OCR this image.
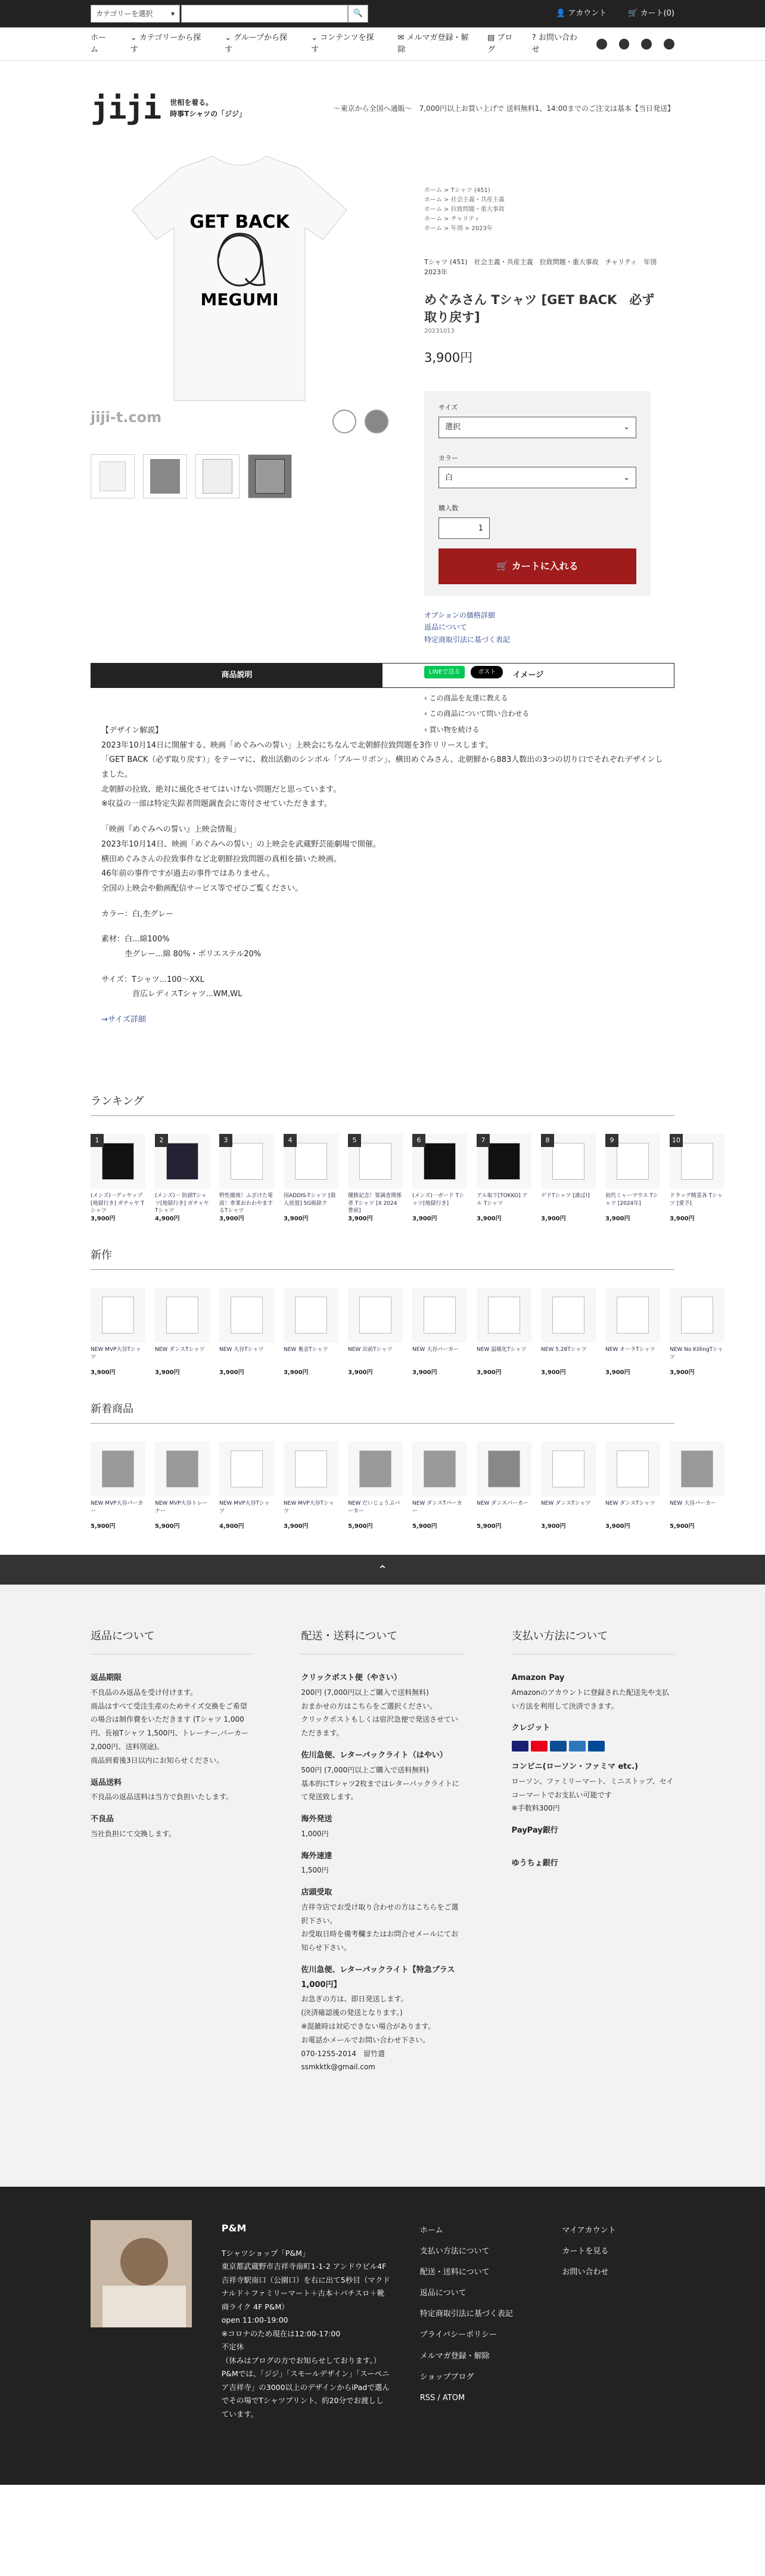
カテゴリーを選択	▾	🔍	👤 アカウント	🛒 カート(0)
ホーム
⌄ カテゴリーから探す
⌄ グループから探す
⌄ コンテンツを探す
✉ メルマガ登録・解除
▤ ブログ
? お問い合わせ
jiji 世相を着る。
時事Tシャツの「ジジ」
～東京から全国へ通販～　7,000円以上お買い上げで 送料無料1、14:00までのご注文は基本【当日発送】
GET BACK
MEGUMI
jiji-t.com
ホーム > Tシャツ (451)
ホーム > 社会主義・共産主義
ホーム > 拉致問題・重大事故
ホーム > チャリティ
ホーム > 年別 > 2023年
Tシャツ (451)　社会主義・共産主義　拉致問題・重大事故　チャリティ　年別　2023年
めぐみさん Tシャツ [GET BACK　必ず取り戻す]
20231013
3,900円
サイズ
選択	⌄
カラー
白	⌄
購入数
1
🛒 カートに入れる
オプションの価格詳細
返品について
特定商取引法に基づく表記
LINEで送る	ポスト
‹ この商品を友達に教える
‹ この商品について問い合わせる
‹ 買い物を続ける
商品説明	イメージ

【デザイン解説】
2023年10月14日に開催する、映画「めぐみへの誓い」上映会にちなんで北朝鮮拉致問題を3作リリースします。
「GET BACK（必ず取り戻す）」をテーマに、救出活動のシンボル「ブルーリボン」、横田めぐみさん、北朝鮮から883人数出の3つの切り口でそれぞれデザインしました。
北朝鮮の拉致、絶対に風化させてはいけない問題だと思っています。
※収益の一部は特定失踪者問題調査会に寄付させていただきます。

「映画『めぐみへの誓い』上映会情報」
2023年10月14日、映画「めぐみへの誓い」の上映会を武蔵野芸能劇場で開催。
横田めぐみさんの拉致事件など北朝鮮拉致問題の真相を描いた映画。
46年前の事件ですが過去の事件ではありません。
全国の上映会や動画配信サービス等でぜひご覧ください。

カラー：白,杢グレー

素材：白...綿100%
　　　杢グレー...綿 80%・ポリエステル20%

サイズ：Tシャツ...100〜XXL
　　　　首広レディスTシャツ...WM,WL

→サイズ詳細

ランキング
1
(メンズ)一グッヤップ[地獄行き] ガチャヤ Tシャツ
3,900円
2
(メンズ)一 防錆Tシャツ[地獄行き] ガチャヤ Tシャツ
4,900円
3
野性撤廃！ふざけた電波！専業おわわやまするTシャツ
3,900円
4
国ADDIS-Tシャツ [殺人放置] 5G吸除ク
3,900円
5
優勝記念！要調査関係者 Tシャツ [X 2024 豊前]
3,900円
6
(メンズ)一ガード Tシャツ[地獄行き]
3,900円
7
アル取下[TOKKO] アル Tシャツ
3,900円
8
ゲドTシャツ [誰ば!]
3,900円
9
初代ミャーマウス Tシャツ [2024年]
3,900円
10
ドラッグ精霊各 Tシャツ [愛予]
3,900円
新作
NEW MVP大谷Tシャツ
3,900円
NEW ダンスTシャツ
3,900円
NEW 大谷Tシャツ
3,900円
NEW 裏金Tシャツ
3,900円
NEW 出前Tシャツ
3,900円
NEW 大谷パーカー
3,900円
NEW 温暖化Tシャツ
3,900円
NEW 5.28Tシャツ
3,900円
NEW オーラTシャツ
3,900円
NEW No KillingTシャツ
3,900円
新着商品
NEW MVP大谷パーカー
5,900円
NEW MVP大谷トレーナー
5,900円
NEW MVP大谷Tシャツ
4,900円
NEW MVP大谷Tシャツ
3,900円
NEW だいじょうぶパーカー
5,900円
NEW ダンスTパーカー
5,900円
NEW ダンスパーカー
5,900円
NEW ダンスTシャツ
3,900円
NEW ダンスTシャツ
3,900円
NEW 大谷パーカー
5,900円
⌃
返品について
返品期限
不良品のみ返品を受け付けます。
商品はすべて受注生産のためサイズ交換をご希望の場合は制作費をいただきます (Tシャツ 1,000円、長袖Tシャツ 1,500円、トレーナー,パーカー 2,000円、送料別途)。
商品到着後3日以内にお知らせください。
返品送料
不良品の返品送料は当方で負担いたします。
不良品
当社負担にて交換します。
配送・送料について
クリックポスト便（やさい）
200円 (7,000円以上ご購入で送料無料)
おまかせの方はこちらをご選択ください。
クリックポストもしくは宿沢急便で発送させていただきます。
佐川急便、レターパックライト（はやい）
500円 (7,000円以上ご購入で送料無料)
基本的にTシャツ2枚まではレターパックライトにて発送致します。
海外発送
1,000円
海外速達
1,500円
店頭受取
吉祥寺店でお受け取り合わせの方はこちらをご選択下さい。
お受取日時を備考欄またはお問合せメールにてお知らせ下さい。
佐川急便、レターパックライト【特急プラス1,000円】
お急ぎの方は、即日発送します。
(決済確認後の発送となります。)
※混雑時は対応できない場合があります。
お電話かメールでお問い合わせ下さい。
070-1255-2014　留竹遣
ssmkktk@gmail.com
支払い方法について
Amazon Pay
Amazonのアカウントに登録された配送先や支払い方法を利用して決済できます。
クレジット
コンビニ(ローソン・ファミマ etc.)
ローソン、ファミリーマート、ミニストップ、セイコーマートでお支払い可能です
※手数料300円
PayPay銀行
ゆうちょ銀行
P&M
Tシャツショップ「P&M」
東京都武蔵野市吉祥寺南町1-1-2 アンドウビル4F
吉祥寺駅南口（公園口）を右に出て5秒目（マクドナルド＋ファミリーマート＋古本＋パチスロ＋靴商ライク 4F P&M）
open 11:00-19:00
※コロナのため現在は12:00-17:00
不定休
（休みはブログの方でお知らせしております。）
P&Mでは、「ジジ」「スモールデザイン」「スーペニア吉祥寺」の3000以上のデザインからiPadで選んでその場でTシャツプリント、約20分でお渡ししています。
ホーム
支払い方法について
配送・送料について
返品について
特定商取引法に基づく表記
プライバシーポリシー
メルマガ登録・解除
ショップブログ
RSS / ATOM
マイアカウント
カートを見る
お問い合わせ
